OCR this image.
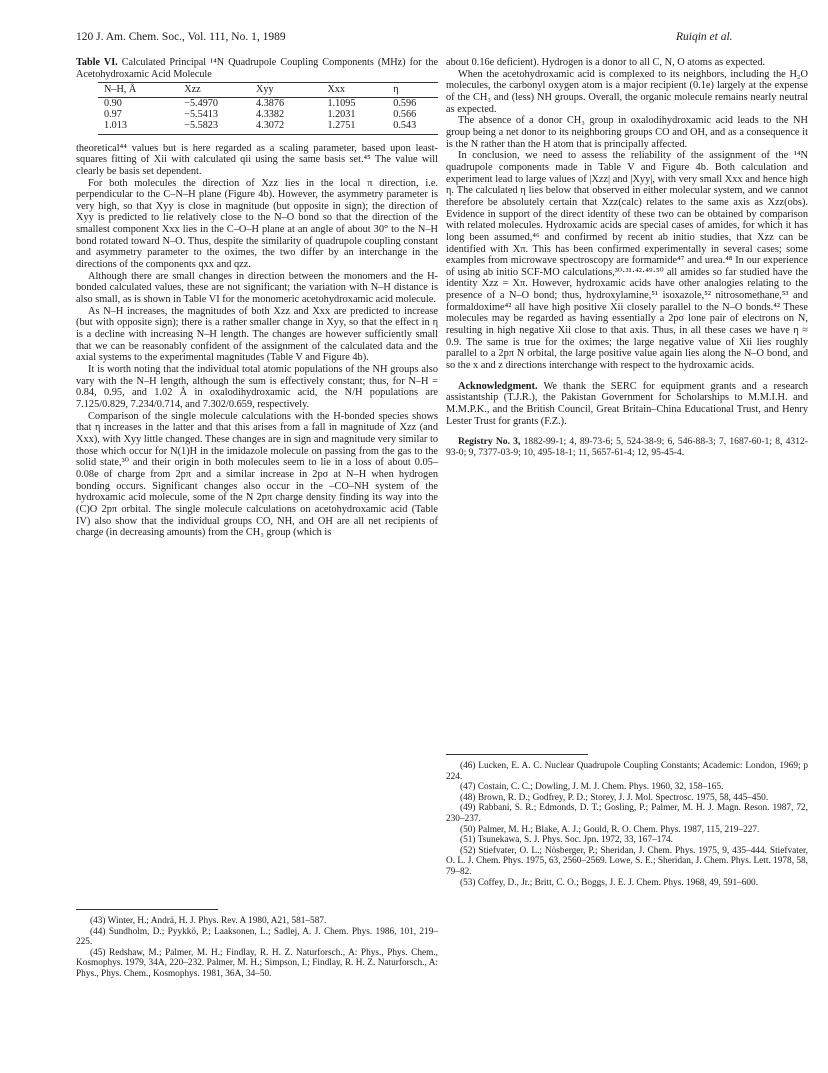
120 J. Am. Chem. Soc., Vol. 111, No. 1, 1989	Ruiqin et al.
Table VI. Calculated Principal ¹⁴N Quadrupole Coupling Components (MHz) for the Acetohydroxamic Acid Molecule
N–H, Å	Xzz	Xyy	Xxx	η
0.90	−5.4970	4.3876	1.1095	0.596
0.97	−5.5413	4.3382	1.2031	0.566
1.013	−5.5823	4.3072	1.2751	0.543

theoretical⁴⁴ values but is here regarded as a scaling parameter, based upon least-squares fitting of Xii with calculated qii using the same basis set.⁴⁵ The value will clearly be basis set dependent.

For both molecules the direction of Xzz lies in the local π direction, i.e. perpendicular to the C–N–H plane (Figure 4b). However, the asymmetry parameter is very high, so that Xyy is close in magnitude (but opposite in sign); the direction of Xyy is predicted to lie relatively close to the N–O bond so that the direction of the smallest component Xxx lies in the C–O–H plane at an angle of about 30° to the N–H bond rotated toward N–O. Thus, despite the similarity of quadrupole coupling constant and asymmetry parameter to the oximes, the two differ by an interchange in the directions of the components qxx and qzz.

Although there are small changes in direction between the monomers and the H-bonded calculated values, these are not significant; the variation with N–H distance is also small, as is shown in Table VI for the monomeric acetohydroxamic acid molecule.

As N–H increases, the magnitudes of both Xzz and Xxx are predicted to increase (but with opposite sign); there is a rather smaller change in Xyy, so that the effect in η is a decline with increasing N–H length. The changes are however sufficiently small that we can be reasonably confident of the assignment of the calculated data and the axial systems to the experimental magnitudes (Table V and Figure 4b).

It is worth noting that the individual total atomic populations of the NH groups also vary with the N–H length, although the sum is effectively constant; thus, for N–H = 0.84, 0.95, and 1.02 Å in oxalodihydroxamic acid, the N/H populations are 7.125/0.829, 7.234/0.714, and 7.302/0.659, respectively.

Comparison of the single molecule calculations with the H-bonded species shows that η increases in the latter and that this arises from a fall in magnitude of Xzz (and Xxx), with Xyy little changed. These changes are in sign and magnitude very similar to those which occur for N(1)H in the imidazole molecule on passing from the gas to the solid state,³⁰ and their origin in both molecules seem to lie in a loss of about 0.05–0.08e of charge from 2pπ and a similar increase in 2pσ at N–H when hydrogen bonding occurs. Significant changes also occur in the –CO–NH system of the hydroxamic acid molecule, some of the N 2pπ charge density finding its way into the (C)O 2pπ orbital. The single molecule calculations on acetohydroxamic acid (Table IV) also show that the individual groups CO, NH, and OH are all net recipients of charge (in decreasing amounts) from the CH₃ group (which is

(43) Winter, H.; Andrä, H. J. Phys. Rev. A 1980, A21, 581–587.
(44) Sundholm, D.; Pyykkö, P.; Laaksonen, L.; Sadlej, A. J. Chem. Phys. 1986, 101, 219–225.
(45) Redshaw, M.; Palmer, M. H.; Findlay, R. H. Z. Naturforsch., A: Phys., Phys. Chem., Kosmophys. 1979, 34A, 220–232. Palmer, M. H.; Simpson, I.; Findlay, R. H. Z. Naturforsch., A: Phys., Phys. Chem., Kosmophys. 1981, 36A, 34–50.

about 0.16e deficient). Hydrogen is a donor to all C, N, O atoms as expected.

When the acetohydroxamic acid is complexed to its neighbors, including the H₂O molecules, the carbonyl oxygen atom is a major recipient (0.1e) largely at the expense of the CH₃ and (less) NH groups. Overall, the organic molecule remains nearly neutral as expected.

The absence of a donor CH₃ group in oxalodihydroxamic acid leads to the NH group being a net donor to its neighboring groups CO and OH, and as a consequence it is the N rather than the H atom that is principally affected.

In conclusion, we need to assess the reliability of the assignment of the ¹⁴N quadrupole components made in Table V and Figure 4b. Both calculation and experiment lead to large values of |Xzz| and |Xyy|, with very small Xxx and hence high η. The calculated η lies below that observed in either molecular system, and we cannot therefore be absolutely certain that Xzz(calc) relates to the same axis as Xzz(obs). Evidence in support of the direct identity of these two can be obtained by comparison with related molecules. Hydroxamic acids are special cases of amides, for which it has long been assumed,⁴⁶ and confirmed by recent ab initio studies, that Xzz can be identified with Xπ. This has been confirmed experimentally in several cases; some examples from microwave spectroscopy are formamide⁴⁷ and urea.⁴⁸ In our experience of using ab initio SCF-MO calculations,³⁰·³¹·⁴²·⁴⁹·⁵⁰ all amides so far studied have the identity Xzz = Xπ. However, hydroxamic acids have other analogies relating to the presence of a N–O bond; thus, hydroxylamine,⁵¹ isoxazole,⁵² nitrosomethane,⁵³ and formaldoxime⁴² all have high positive Xii closely parallel to the N–O bonds.⁴² These molecules may be regarded as having essentially a 2pσ lone pair of electrons on N, resulting in high negative Xii close to that axis. Thus, in all these cases we have η ≈ 0.9. The same is true for the oximes; the large negative value of Xii lies roughly parallel to a 2pπ N orbital, the large positive value again lies along the N–O bond, and so the x and z directions interchange with respect to the hydroxamic acids.

Acknowledgment. We thank the SERC for equipment grants and a research assistantship (T.J.R.), the Pakistan Government for Scholarships to M.M.I.H. and M.M.P.K., and the British Council, Great Britain–China Educational Trust, and Henry Lester Trust for grants (F.Z.).

Registry No. 3, 1882-99-1; 4, 89-73-6; 5, 524-38-9; 6, 546-88-3; 7, 1687-60-1; 8, 4312-93-0; 9, 7377-03-9; 10, 495-18-1; 11, 5657-61-4; 12, 95-45-4.

(46) Lucken, E. A. C. Nuclear Quadrupole Coupling Constants; Academic: London, 1969; p 224.
(47) Costain, C. C.; Dowling, J. M. J. Chem. Phys. 1960, 32, 158–165.
(48) Brown, R. D.; Godfrey, P. D.; Storey, J. J. Mol. Spectrosc. 1975, 58, 445–450.
(49) Rabbani, S. R.; Edmonds, D. T.; Gosling, P.; Palmer, M. H. J. Magn. Reson. 1987, 72, 230–237.
(50) Palmer, M. H.; Blake, A. J.; Gould, R. O. Chem. Phys. 1987, 115, 219–227.
(51) Tsunekawa, S. J. Phys. Soc. Jpn. 1972, 33, 167–174.
(52) Stiefvater, O. L.; Nösberger, P.; Sheridan, J. Chem. Phys. 1975, 9, 435–444. Stiefvater, O. L. J. Chem. Phys. 1975, 63, 2560–2569. Lowe, S. E.; Sheridan, J. Chem. Phys. Lett. 1978, 58, 79–82.
(53) Coffey, D., Jr.; Britt, C. O.; Boggs, J. E. J. Chem. Phys. 1968, 49, 591–600.
